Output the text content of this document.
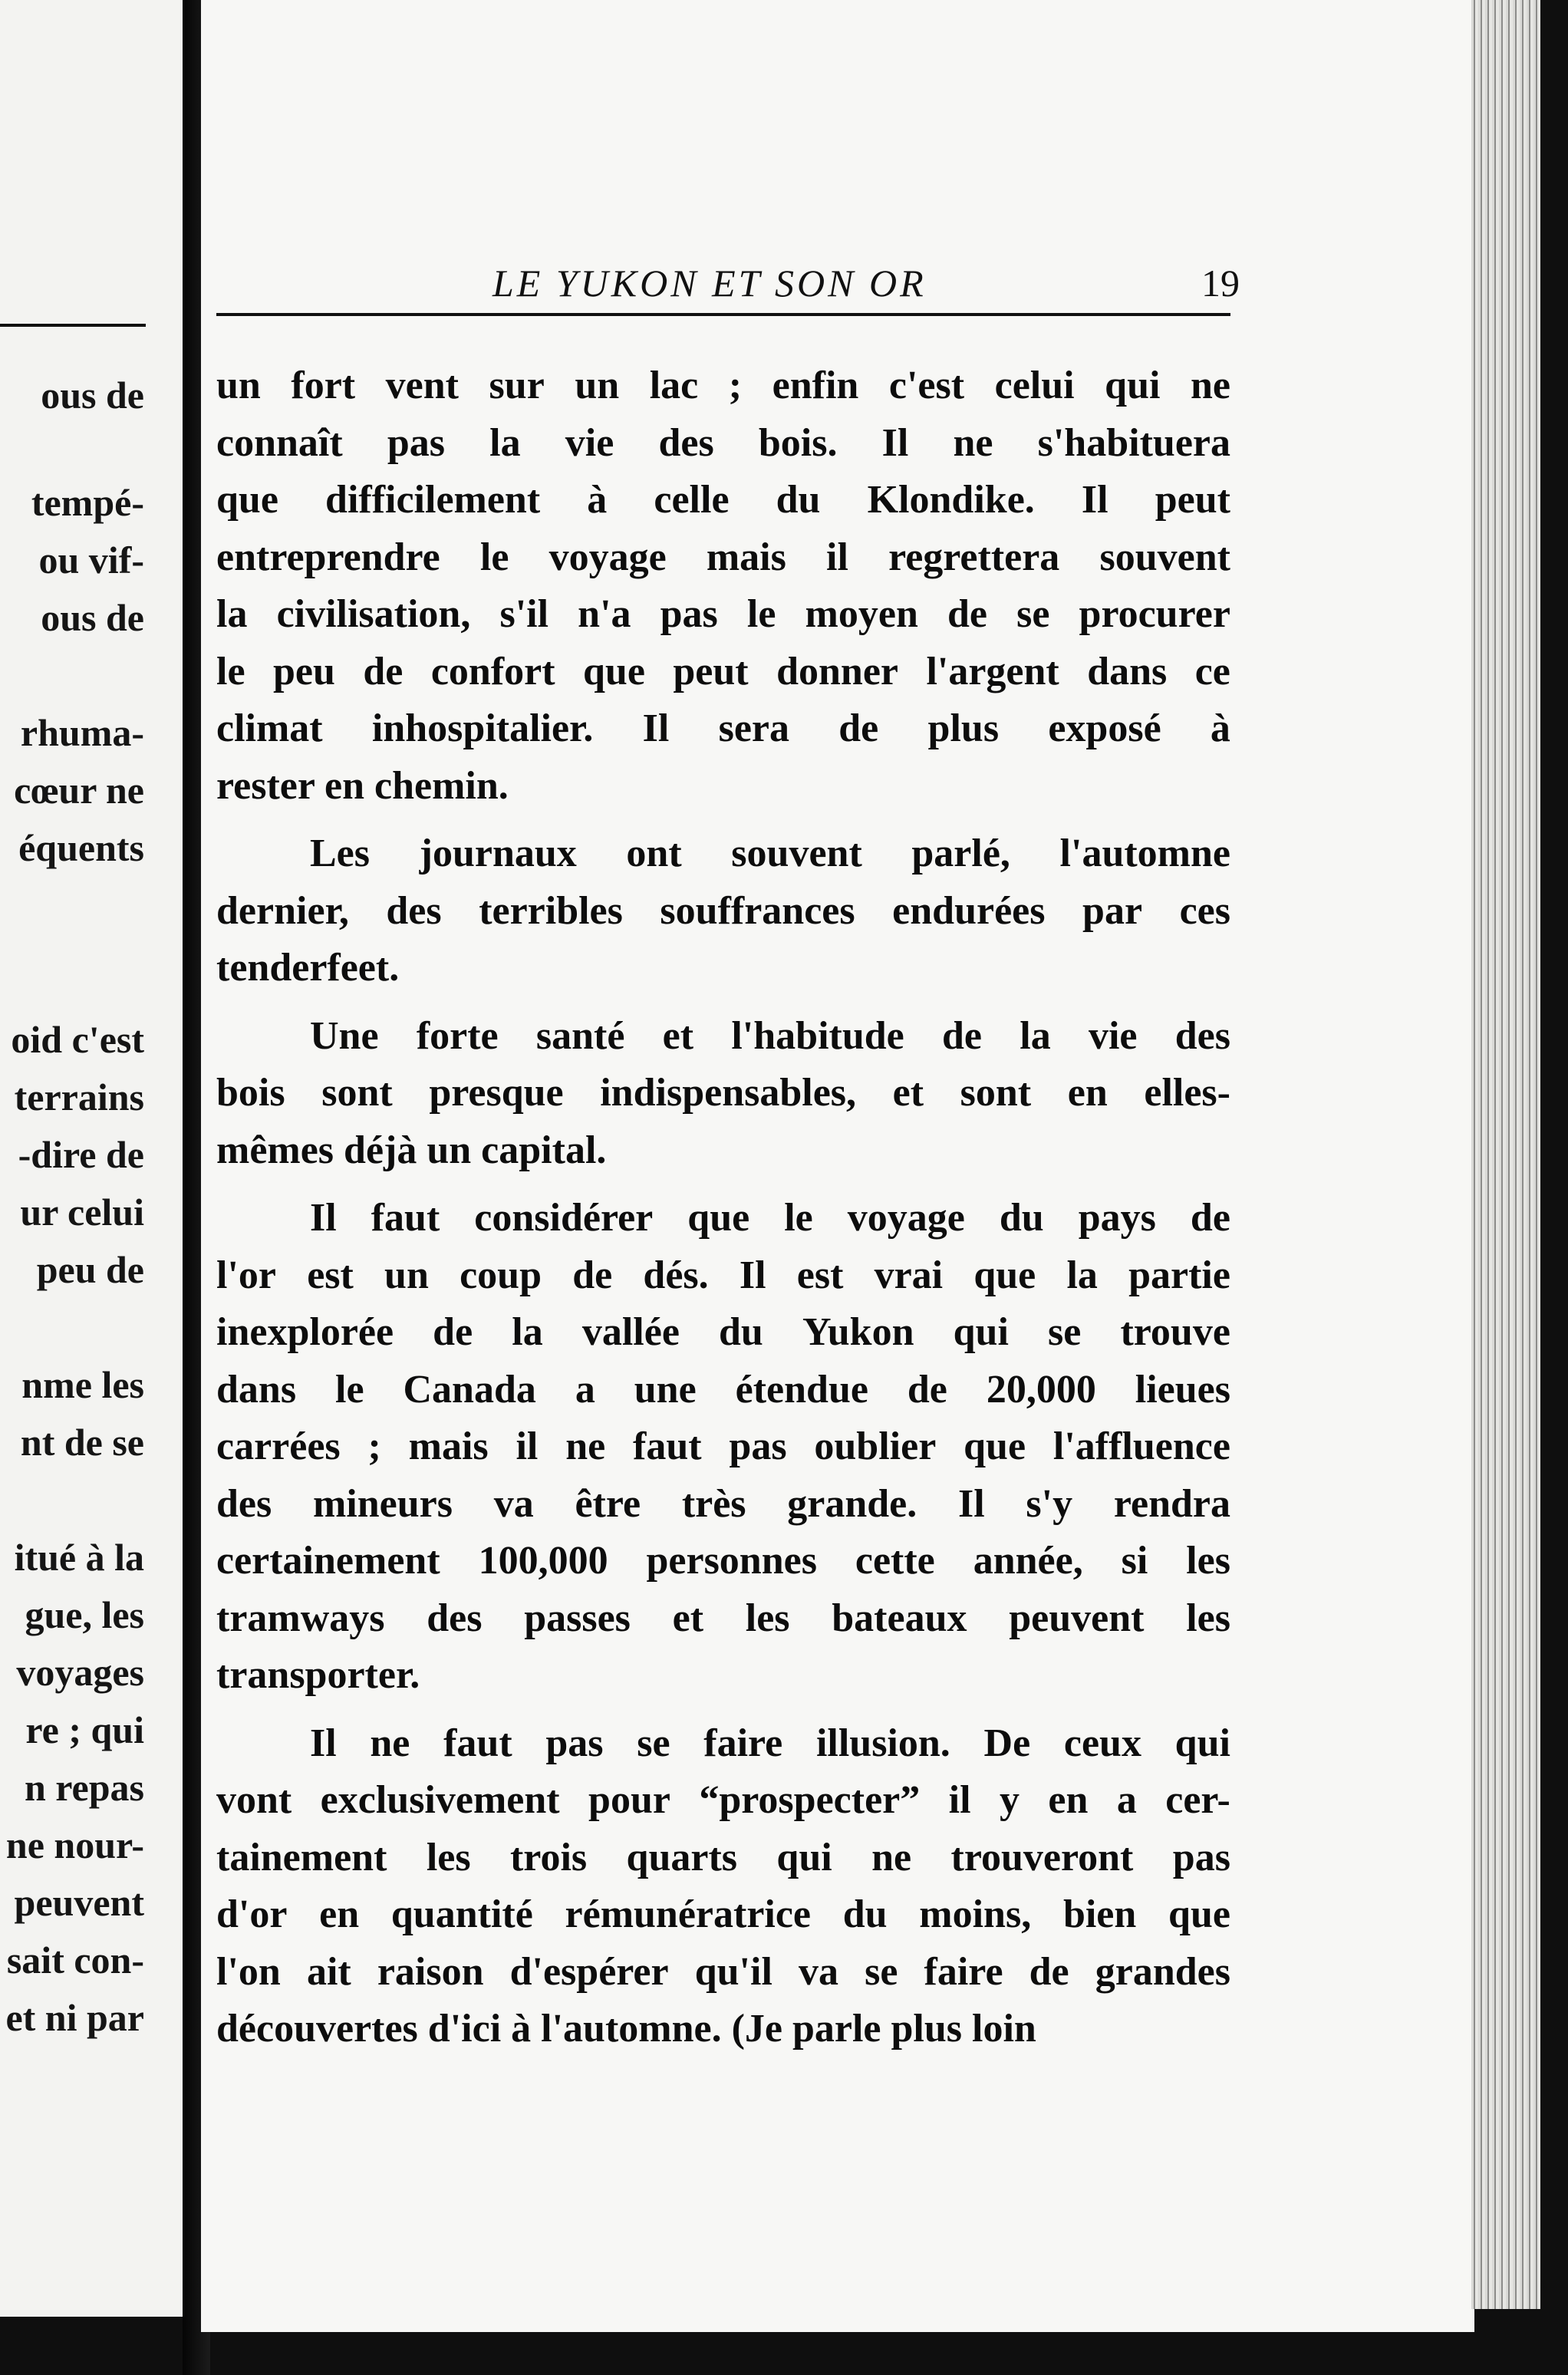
ous de
tempé-
ou vif-
ous de
rhuma-
cœur ne
équents
oid c'est
terrains
-dire de
ur celui
peu de
nme les
nt de se
itué à la
gue, les
voyages
re ; qui
n repas
ne nour-
peuvent
sait con-
et ni par
LE YUKON ET SON OR	19
un fort vent sur un lac ; enfin c'est celui qui ne
connaît pas la vie des bois. Il ne s'habituera
que difficilement à celle du Klondike. Il peut
entreprendre le voyage mais il regrettera souvent
la civilisation, s'il n'a pas le moyen de se procurer
le peu de confort que peut donner l'argent dans ce
climat inhospitalier. Il sera de plus exposé à
rester en chemin.
Les journaux ont souvent parlé, l'automne
dernier, des terribles souffrances endurées par ces
tenderfeet.
Une forte santé et l'habitude de la vie des
bois sont presque indispensables, et sont en elles-
mêmes déjà un capital.
Il faut considérer que le voyage du pays de
l'or est un coup de dés. Il est vrai que la partie
inexplorée de la vallée du Yukon qui se trouve
dans le Canada a une étendue de 20,000 lieues
carrées ; mais il ne faut pas oublier que l'affluence
des mineurs va être très grande. Il s'y rendra
certainement 100,000 personnes cette année, si les
tramways des passes et les bateaux peuvent les
transporter.
Il ne faut pas se faire illusion. De ceux qui
vont exclusivement pour “prospecter” il y en a cer-
tainement les trois quarts qui ne trouveront pas
d'or en quantité rémunératrice du moins, bien que
l'on ait raison d'espérer qu'il va se faire de grandes
découvertes d'ici à l'automne. (Je parle plus loin
